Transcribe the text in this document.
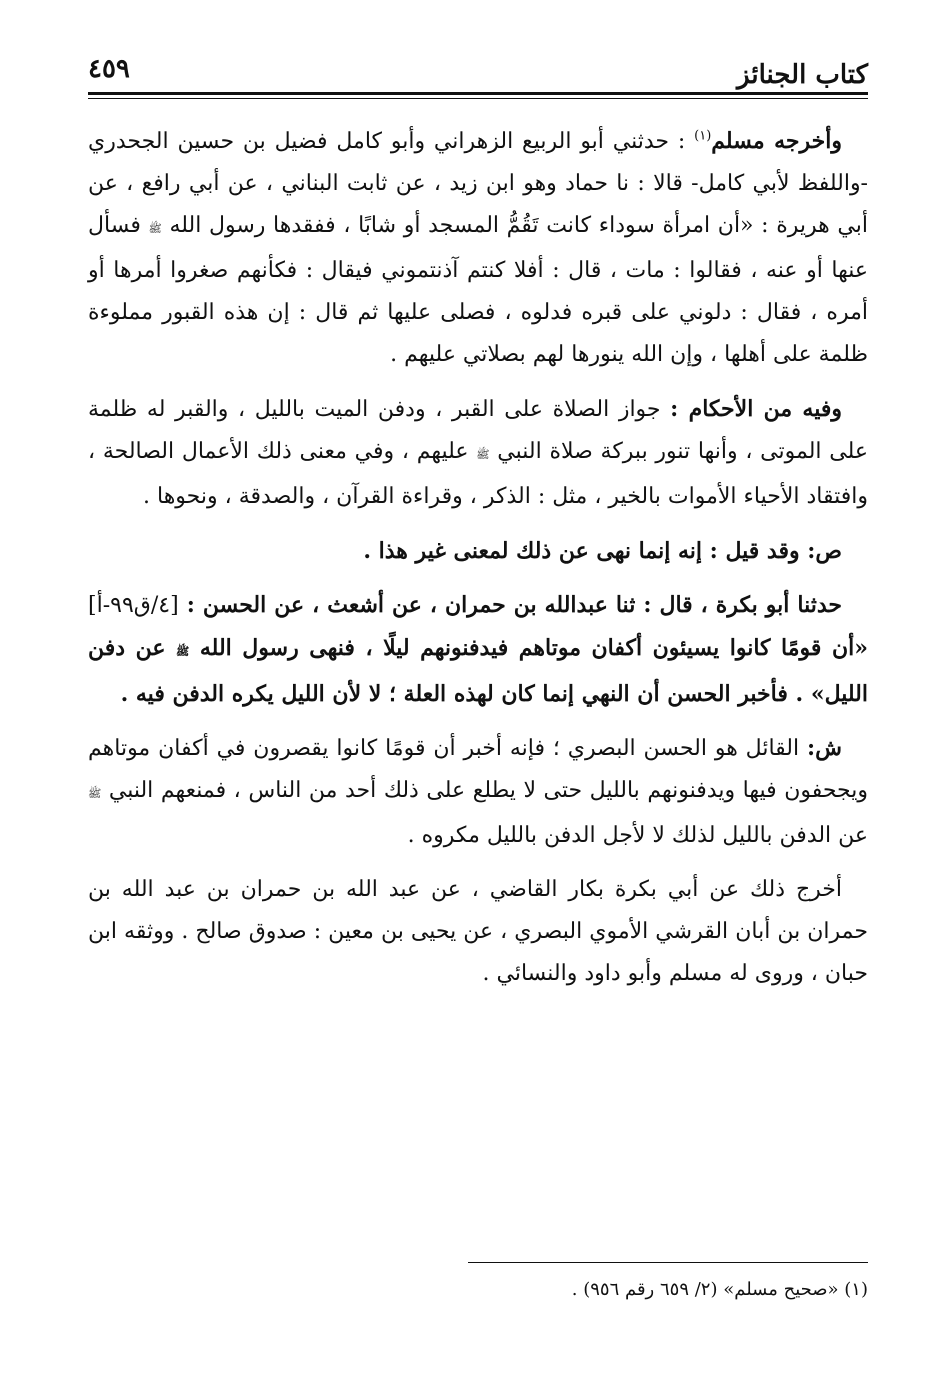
كتاب الجنائز
٤٥٩

وأخرجه مسلم$^{(١)}$ : حدثني أبو الربيع الزهراني وأبو كامل فضيل بن حسين الجحدري -واللفظ لأبي كامل- قالا : نا حماد وهو ابن زيد ، عن ثابت البناني ، عن أبي رافع ، عن أبي هريرة : «أن امرأة سوداء كانت تَقُمُّ المسجد أو شابًا ، ففقدها رسول الله ﷺ فسأل عنها أو عنه ، فقالوا : مات ، قال : أفلا كنتم آذنتموني فيقال : فكأنهم صغروا أمرها أو أمره ، فقال : دلوني على قبره فدلوه ، فصلى عليها ثم قال : إن هذه القبور مملوءة ظلمة على أهلها ، وإن الله ينورها لهم بصلاتي عليهم .

وفيه من الأحكام : جواز الصلاة على القبر ، ودفن الميت بالليل ، والقبر له ظلمة على الموتى ، وأنها تنور ببركة صلاة النبي ﷺ عليهم ، وفي معنى ذلك الأعمال الصالحة ، وافتقاد الأحياء الأموات بالخير ، مثل : الذكر ، وقراءة القرآن ، والصدقة ، ونحوها .

ص: وقد قيل : إنه إنما نهى عن ذلك لمعنى غير هذا .

حدثنا أبو بكرة ، قال : ثنا عبدالله بن حمران ، عن أشعث ، عن الحسن : [٤/ق٩٩-أ] «أن قومًا كانوا يسيئون أكفان موتاهم فيدفنونهم ليلًا ، فنهى رسول الله ﷺ عن دفن الليل» . فأخبر الحسن أن النهي إنما كان لهذه العلة ؛ لا لأن الليل يكره الدفن فيه .

ش: القائل هو الحسن البصري ؛ فإنه أخبر أن قومًا كانوا يقصرون في أكفان موتاهم ويجحفون فيها ويدفنونهم بالليل حتى لا يطلع على ذلك أحد من الناس ، فمنعهم النبي ﷺ عن الدفن بالليل لذلك لا لأجل الدفن بالليل مكروه .

أخرج ذلك عن أبي بكرة بكار القاضي ، عن عبد الله بن حمران بن عبد الله بن حمران بن أبان القرشي الأموي البصري ، عن يحيى بن معين : صدوق صالح . ووثقه ابن حبان ، وروى له مسلم وأبو داود والنسائي .

(١) «صحيح مسلم» (٢/ ٦٥٩ رقم ٩٥٦) .
